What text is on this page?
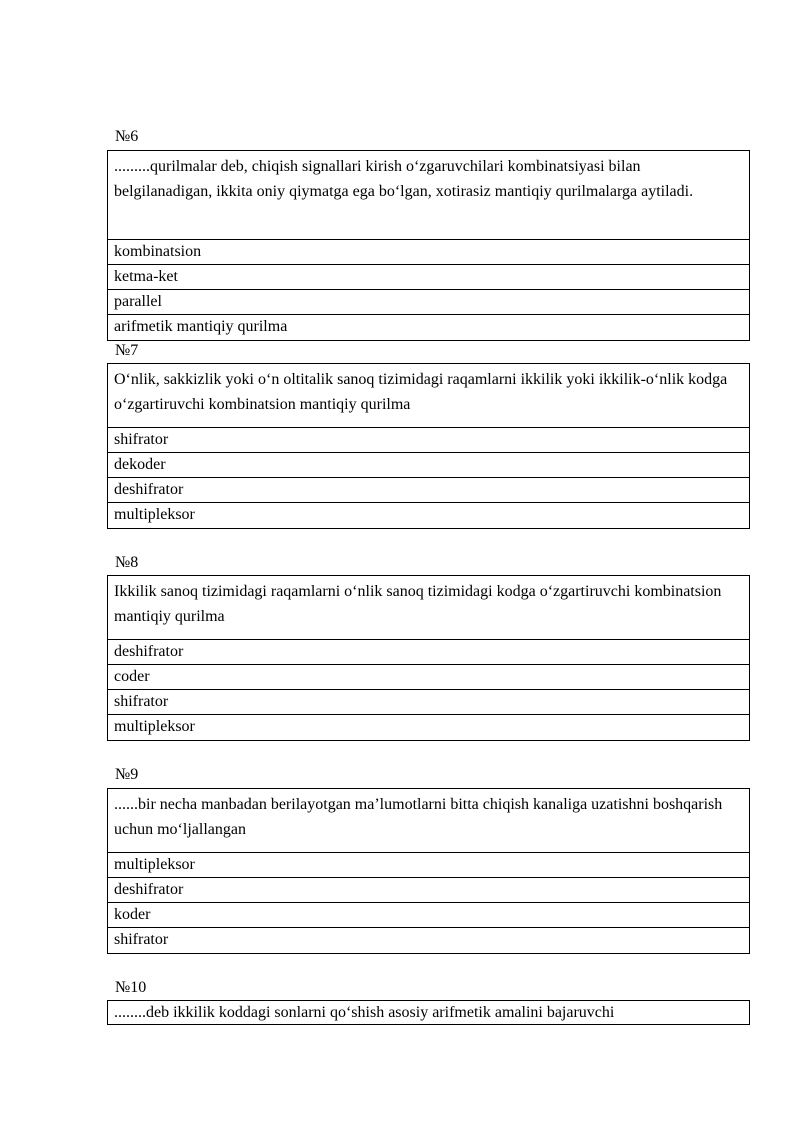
№6
.........qurilmalar deb, chiqish signallari kirish o‘zgaruvchilari kombinatsiyasi bilan belgilanadigan, ikkita oniy qiymatga ega bo‘lgan, xotirasiz mantiqiy qurilmalarga aytiladi.
kombinatsion
ketma-ket
parallel
arifmetik mantiqiy qurilma
№7
O‘nlik, sakkizlik yoki o‘n oltitalik sanoq tizimidagi raqamlarni ikkilik yoki ikkilik-o‘nlik kodga o‘zgartiruvchi kombinatsion mantiqiy qurilma
shifrator
dekoder
deshifrator
multipleksor
№8
Ikkilik sanoq tizimidagi raqamlarni o‘nlik sanoq tizimidagi kodga o‘zgartiruvchi kombinatsion mantiqiy qurilma
deshifrator
coder
shifrator
multipleksor
№9
......bir necha manbadan berilayotgan ma’lumotlarni bitta chiqish kanaliga uzatishni boshqarish uchun mo‘ljallangan
multipleksor
deshifrator
koder
shifrator
№10
........deb ikkilik koddagi sonlarni qo‘shish asosiy arifmetik amalini bajaruvchi
